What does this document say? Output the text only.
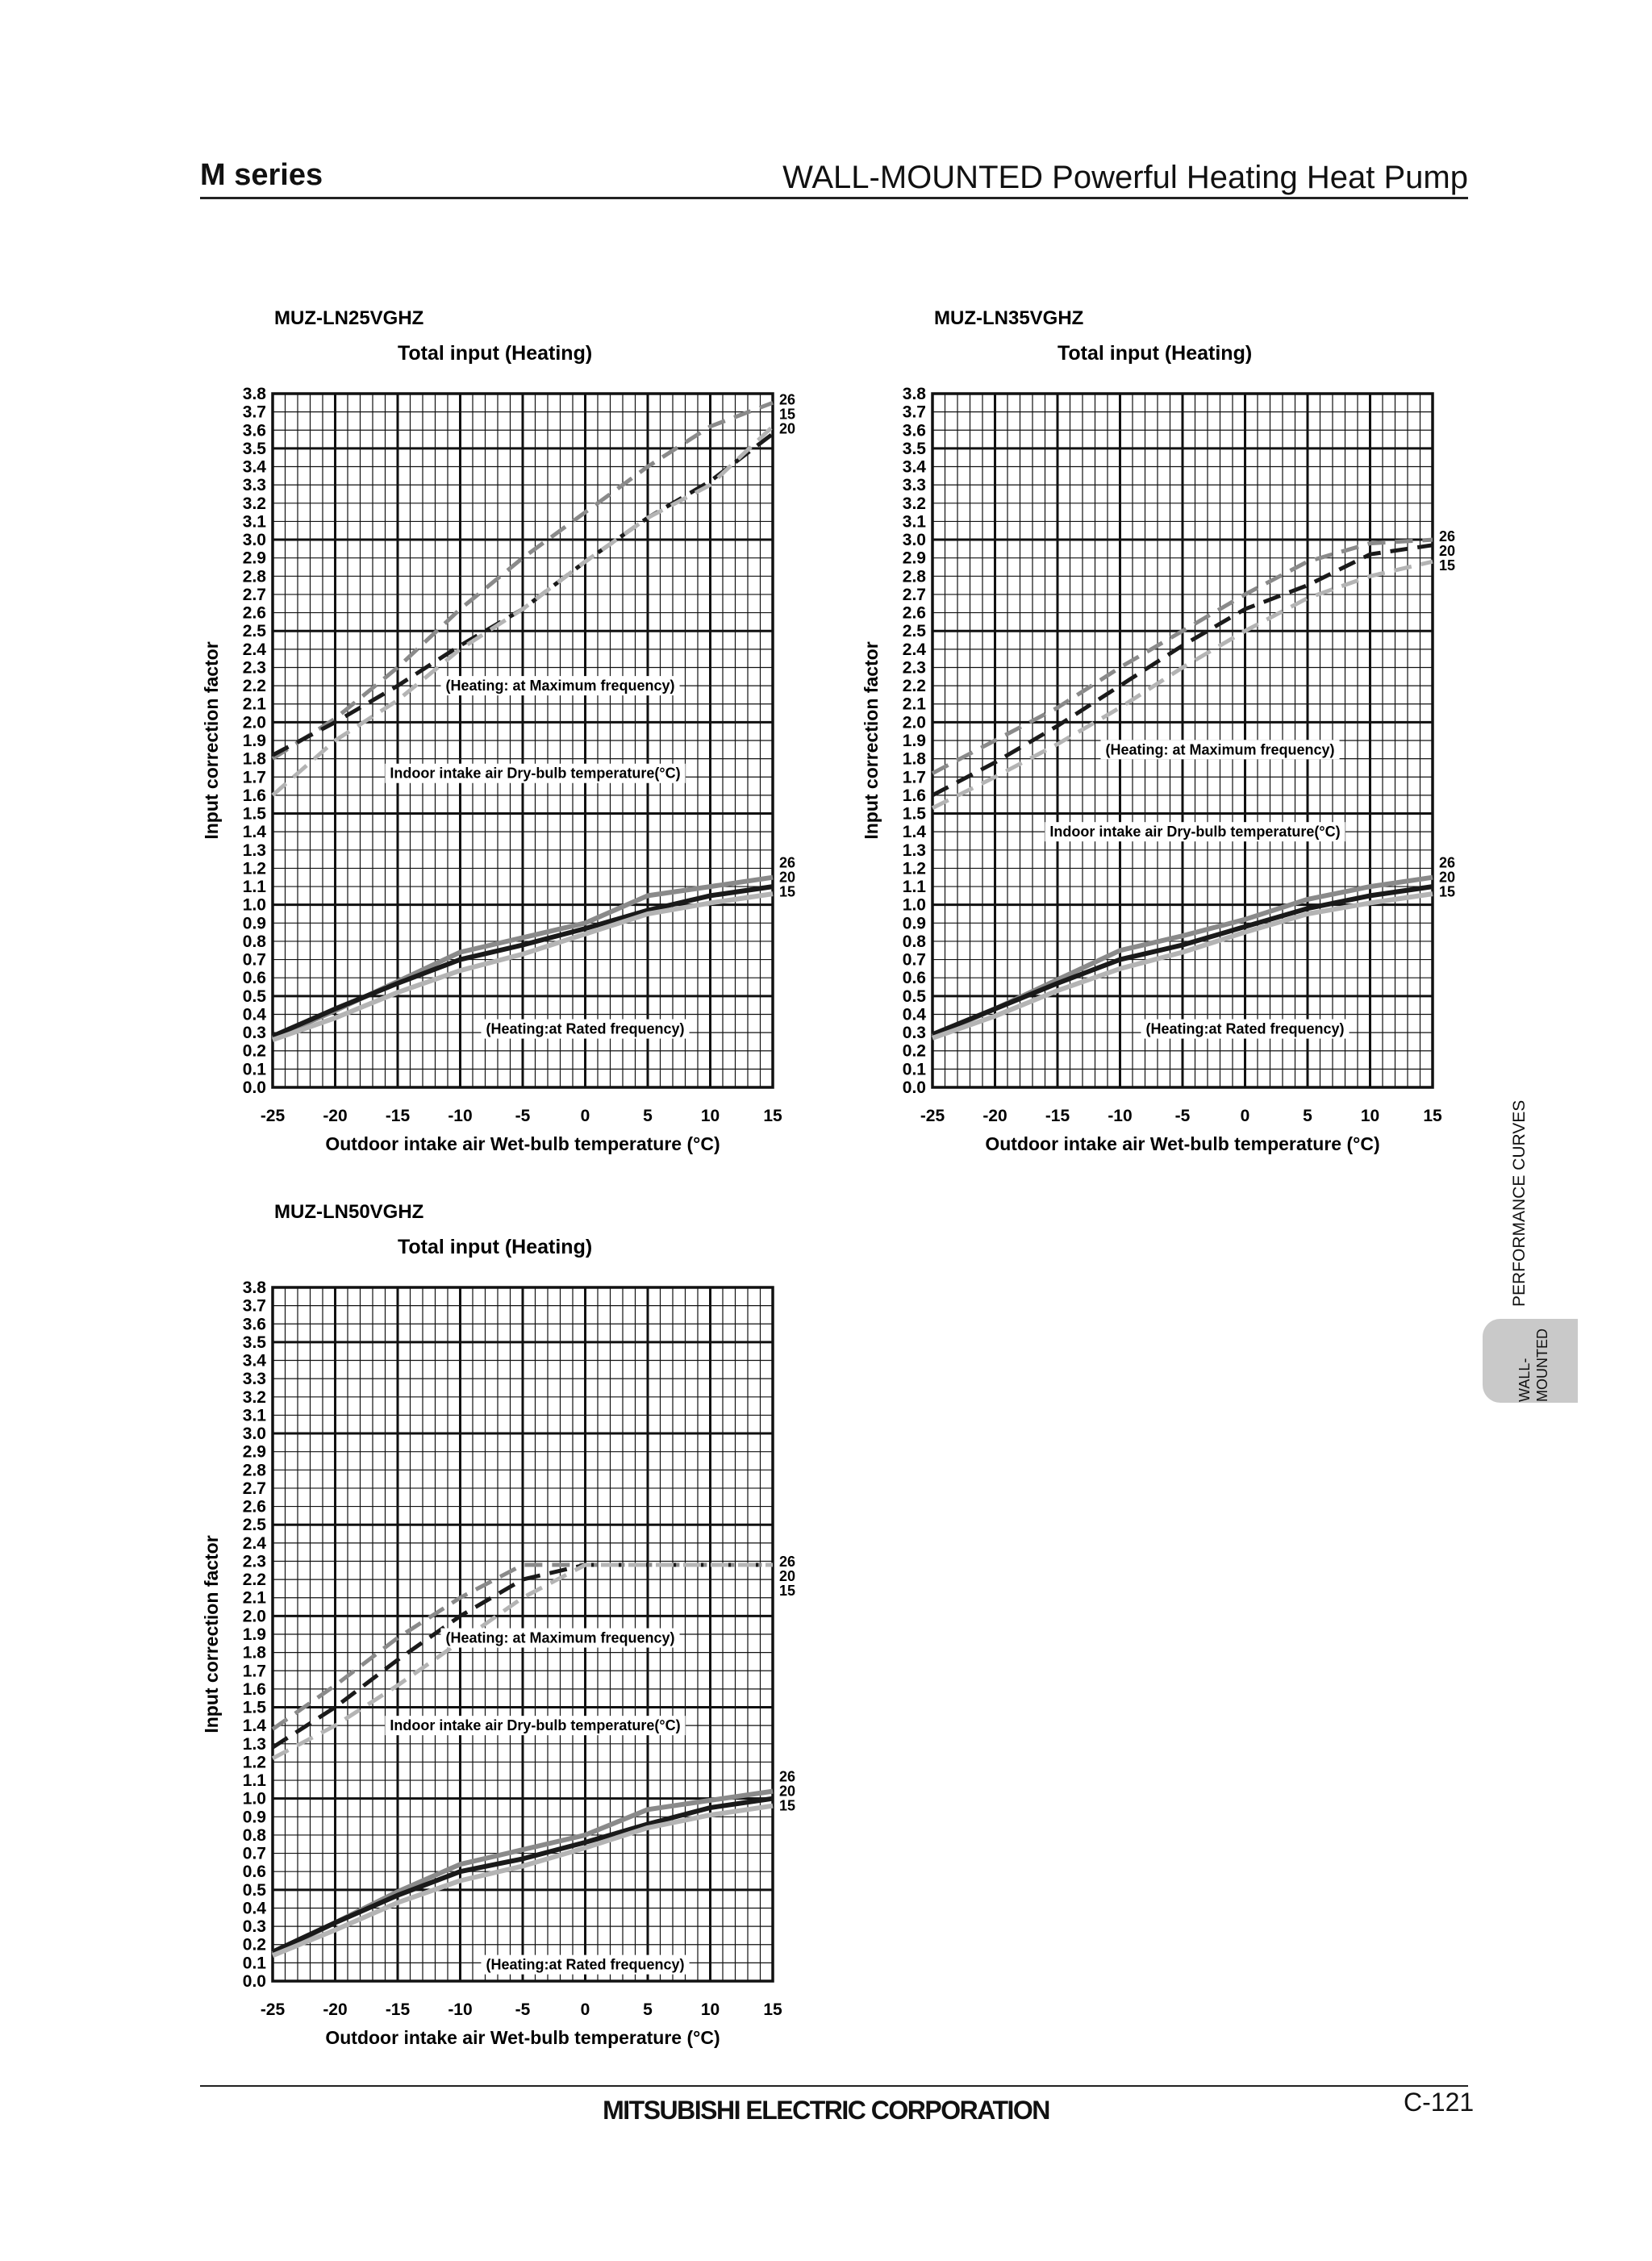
M series	WALL-MOUNTED Powerful Heating Heat Pump
MUZ-LN25VGHZ
Total input (Heating)
0.0
0.1
0.2
0.3
0.4
0.5
0.6
0.7
0.8
0.9
1.0
1.1
1.2
1.3
1.4
1.5
1.6
1.7
1.8
1.9
2.0
2.1
2.2
2.3
2.4
2.5
2.6
2.7
2.8
2.9
3.0
3.1
3.2
3.3
3.4
3.5
3.6
3.7
3.8
-25 -20 -15 -10	-5	0	5	10	15
Outdoor intake air Wet-bulb temperature (°C)
Input correction factor
26
15
20
26
20
15
(Heating: at Maximum frequency)
Indoor intake air Dry-bulb temperature(°C)
(Heating:at Rated frequency)
MUZ-LN35VGHZ
Total input (Heating)
0.0
0.1
0.2
0.3
0.4
0.5
0.6
0.7
0.8
0.9
1.0
1.1
1.2
1.3
1.4
1.5
1.6
1.7
1.8
1.9
2.0
2.1
2.2
2.3
2.4
2.5
2.6
2.7
2.8
2.9
3.0
3.1
3.2
3.3
3.4
3.5
3.6
3.7
3.8
-25 -20 -15 -10	-5	0	5	10	15
Outdoor intake air Wet-bulb temperature (°C)
Input correction factor
26
20
15
26
20
15
(Heating: at Maximum frequency)
Indoor intake air Dry-bulb temperature(°C)
(Heating:at Rated frequency)
MUZ-LN50VGHZ
Total input (Heating)
0.0
0.1
0.2
0.3
0.4
0.5
0.6
0.7
0.8
0.9
1.0
1.1
1.2
1.3
1.4
1.5
1.6
1.7
1.8
1.9
2.0
2.1
2.2
2.3
2.4
2.5
2.6
2.7
2.8
2.9
3.0
3.1
3.2
3.3
3.4
3.5
3.6
3.7
3.8
-25 -20 -15 -10	-5	0	5	10	15
Outdoor intake air Wet-bulb temperature (°C)
Input correction factor	26
20
15
26
20
15
(Heating: at Maximum frequency)
Indoor intake air Dry-bulb temperature(°C)
(Heating:at Rated frequency)
PERFORMANCE CURVES
WALL- MOUNTED
MITSUBISHI ELECTRIC CORPORATION	C-121
